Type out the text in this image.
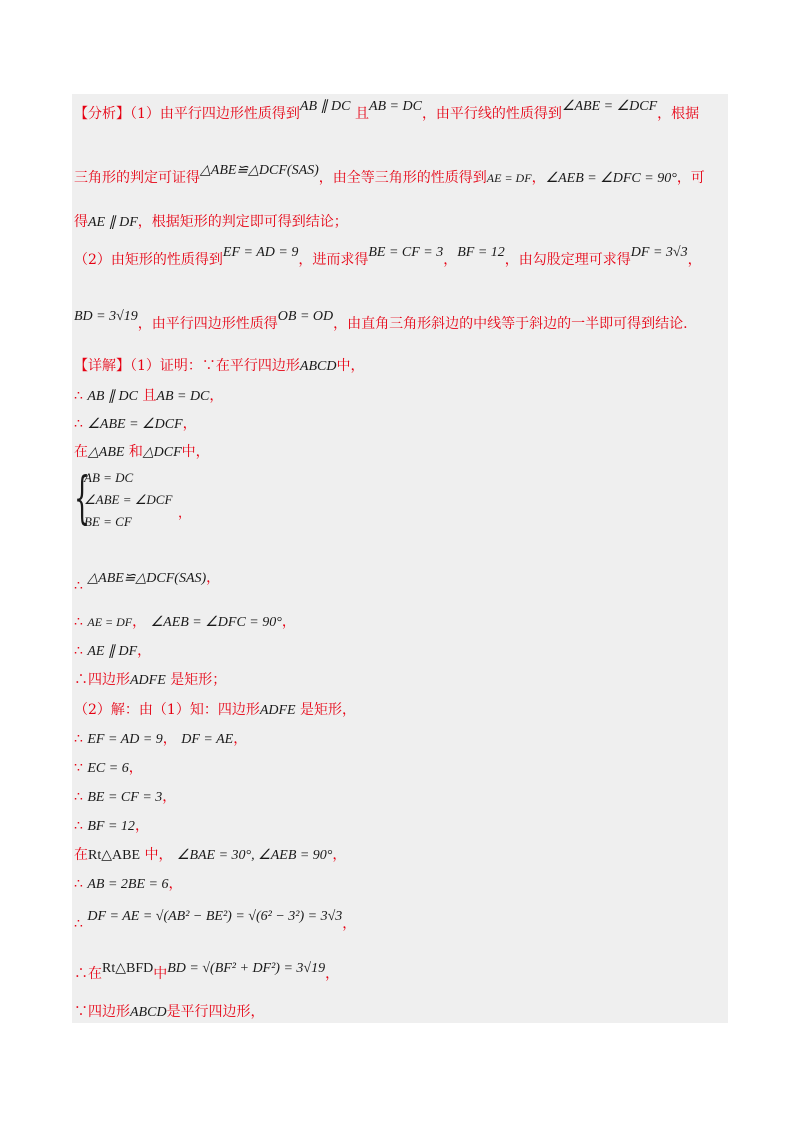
【分析】（1）由平行四边形性质得到AB ∥ DC 且AB = DC，由平行线的性质得到∠ABE = ∠DCF，根据
三角形的判定可证得△ABE≌△DCF(SAS)，由全等三角形的性质得到AE = DF，∠AEB = ∠DFC = 90°，可
得AE ∥ DF，根据矩形的判定即可得到结论；
（2）由矩形的性质得到EF = AD = 9，进而求得BE = CF = 3，BF = 12，由勾股定理可求得DF = 3√3，
BD = 3√19，由平行四边形性质得OB = OD，由直角三角形斜边的中线等于斜边的一半即可得到结论.
【详解】（1）证明：∵在平行四边形ABCD中，
∴ AB ∥ DC 且AB = DC，
∴ ∠ABE = ∠DCF，
在△ABE 和△DCF中，
{
AB = DC
∠ABE = ∠DCF
BE = CF
，
∴ △ABE≌△DCF(SAS)，
∴ AE = DF， ∠AEB = ∠DFC = 90°，
∴ AE ∥ DF，
∴四边形ADFE 是矩形；
（2）解：由（1）知：四边形ADFE 是矩形，
∴ EF = AD = 9， DF = AE，
∵ EC = 6，
∴ BE = CF = 3，
∴ BF = 12，
在Rt△ABE 中， ∠BAE = 30°, ∠AEB = 90°，
∴ AB = 2BE = 6，
∴ DF = AE = √(AB² − BE²) = √(6² − 3²) = 3√3，
∴在Rt△BFD中BD = √(BF² + DF²) = 3√19，
∵四边形ABCD是平行四边形，
